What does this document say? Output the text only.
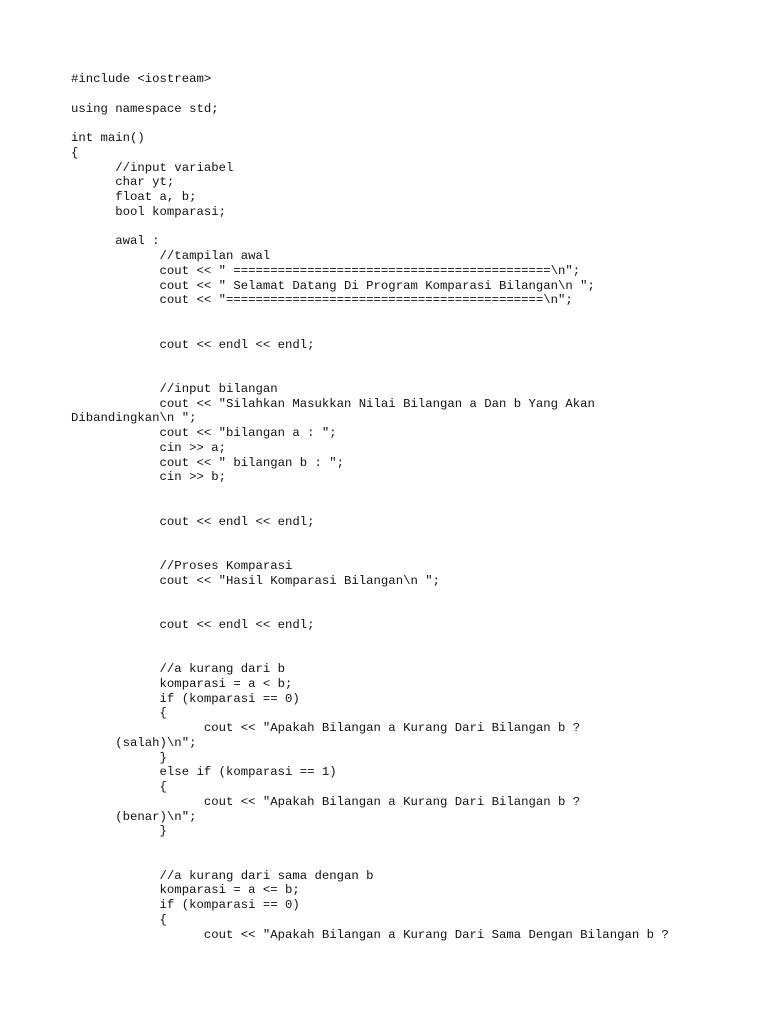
#include <iostream>
using namespace std;
int main()
{
//input variabel
char yt;
float a, b;
bool komparasi;
awal :
//tampilan awal
cout << " ===========================================\n";
cout << " Selamat Datang Di Program Komparasi Bilangan\n ";
cout << "===========================================\n";
cout << endl << endl;
//input bilangan
cout << "Silahkan Masukkan Nilai Bilangan a Dan b Yang Akan
Dibandingkan\n ";
cout << "bilangan a : ";
cin >> a;
cout << " bilangan b : ";
cin >> b;
cout << endl << endl;
//Proses Komparasi
cout << "Hasil Komparasi Bilangan\n ";
cout << endl << endl;
//a kurang dari b
komparasi = a < b;
if (komparasi == 0)
{
cout << "Apakah Bilangan a Kurang Dari Bilangan b ?
(salah)\n";
}
else if (komparasi == 1)
{
cout << "Apakah Bilangan a Kurang Dari Bilangan b ?
(benar)\n";
}
//a kurang dari sama dengan b
komparasi = a <= b;
if (komparasi == 0)
{
cout << "Apakah Bilangan a Kurang Dari Sama Dengan Bilangan b ?
